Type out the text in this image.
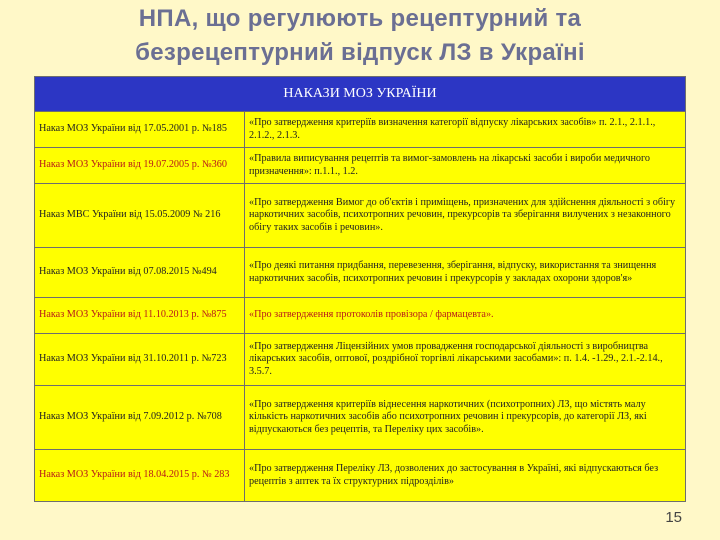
НПА, що регулюють рецептурний та
безрецептурний відпуск ЛЗ в Україні
НАКАЗИ МОЗ УКРАЇНИ	
Наказ МОЗ України від 17.05.2001 р. №185	«Про затвердження критеріїв визначення категорії відпуску лікарських засобів» п. 2.1., 2.1.1., 2.1.2., 2.1.3.
Наказ МОЗ України від 19.07.2005 р. №360	«Правила виписування рецептів та вимог-замовлень на лікарські засоби і вироби медичного призначення»: п.1.1., 1.2.
Наказ МВС України від 15.05.2009 № 216	«Про затвердження Вимог до об'єктів і приміщень, призначених для здійснення діяльності з обігу наркотичних засобів, психотропних речовин, прекурсорів та зберігання вилучених з незаконного обігу таких засобів і речовин».
Наказ МОЗ України від 07.08.2015 №494	«Про деякі питання придбання, перевезення, зберігання, відпуску, використання та знищення наркотичних засобів, психотропних речовин і прекурсорів у закладах охорони здоров'я»
Наказ МОЗ України від 11.10.2013 р. №875	«Про затвердження протоколів провізора / фармацевта».
Наказ МОЗ України від 31.10.2011 р. №723	«Про затвердження Ліцензійних умов провадження господарської діяльності з виробництва лікарських засобів, оптової, роздрібної торгівлі лікарськими засобами»: п. 1.4. -1.29., 2.1.-2.14., 3.5.7.
Наказ МОЗ України від 7.09.2012 р. №708	«Про затвердження критеріїв віднесення наркотичних (психотропних) ЛЗ, що містять малу кількість наркотичних засобів або психотропних речовин і прекурсорів, до категорії ЛЗ, які відпускаються без рецептів, та Переліку цих засобів».
Наказ МОЗ України від 18.04.2015 р. № 283	«Про затвердження Переліку ЛЗ, дозволених до застосування в Україні, які відпускаються без рецептів з аптек та їх структурних підрозділів»
15
